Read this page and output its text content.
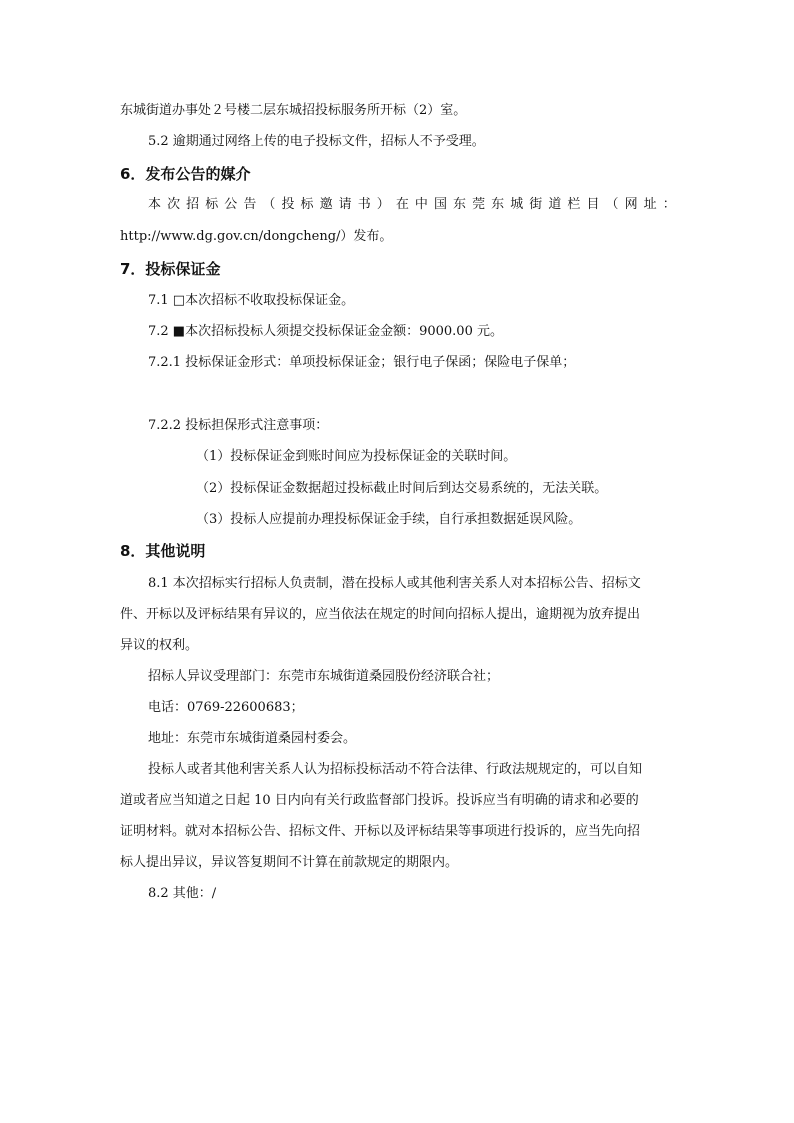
东城街道办事处２号楼二层东城招投标服务所开标（2）室。
5.2 逾期通过网络上传的电子投标文件，招标人不予受理。
6．发布公告的媒介
本 次 招 标 公 告 （ 投 标 邀 请 书 ） 在 中 国 东 莞 东 城 街 道 栏 目 （ 网 址 ：
http://www.dg.gov.cn/dongcheng/）发布。
7．投标保证金
7.1 □本次招标不收取投标保证金。
7.2 ■本次招标投标人须提交投标保证金金额：9000.00 元。
7.2.1 投标保证金形式：单项投标保证金；银行电子保函；保险电子保单；
7.2.2 投标担保形式注意事项：
（1）投标保证金到账时间应为投标保证金的关联时间。
（2）投标保证金数据超过投标截止时间后到达交易系统的，无法关联。
（3）投标人应提前办理投标保证金手续，自行承担数据延误风险。
8．其他说明
8.1 本次招标实行招标人负责制，潜在投标人或其他利害关系人对本招标公告、招标文
件、开标以及评标结果有异议的，应当依法在规定的时间向招标人提出，逾期视为放弃提出
异议的权利。
招标人异议受理部门：东莞市东城街道桑园股份经济联合社；
电话：0769-22600683；
地址：东莞市东城街道桑园村委会。
投标人或者其他利害关系人认为招标投标活动不符合法律、行政法规规定的，可以自知
道或者应当知道之日起 10 日内向有关行政监督部门投诉。投诉应当有明确的请求和必要的
证明材料。就对本招标公告、招标文件、开标以及评标结果等事项进行投诉的，应当先向招
标人提出异议，异议答复期间不计算在前款规定的期限内。
8.2 其他：/
